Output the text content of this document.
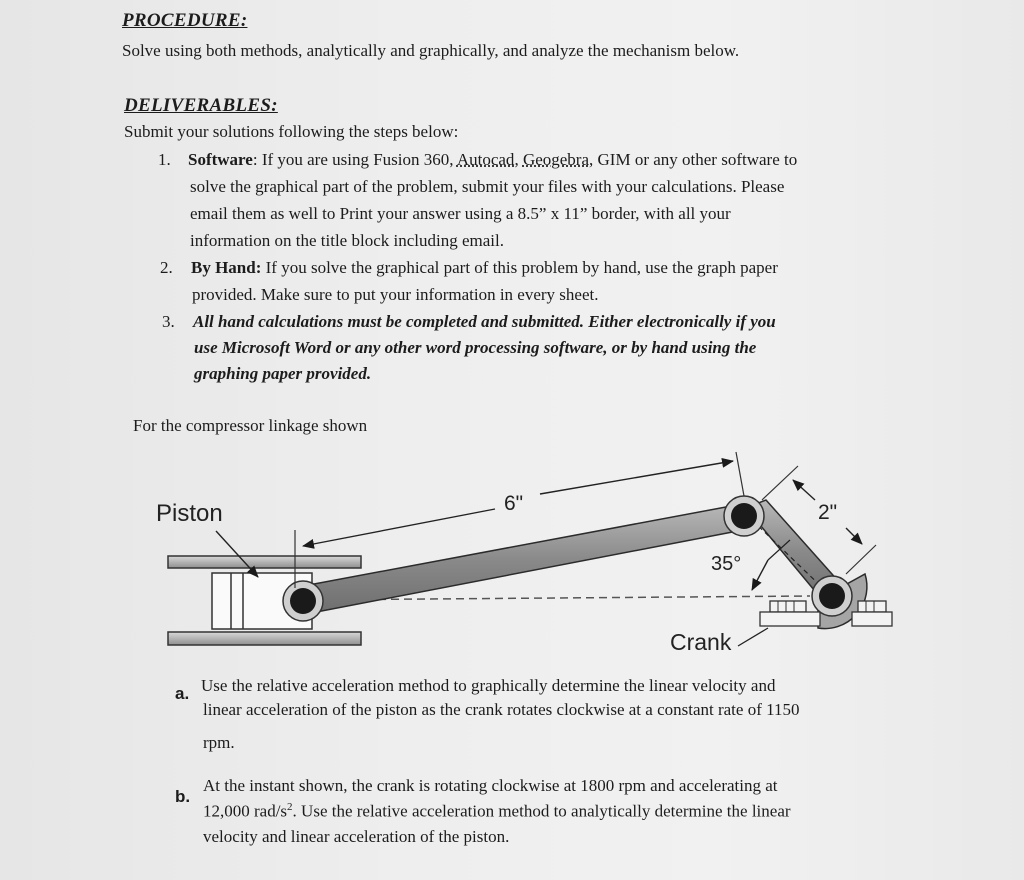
PROCEDURE:
Solve using both methods, analytically and graphically, and analyze the mechanism below.
DELIVERABLES:
Submit your solutions following the steps below:
1. Software: If you are using Fusion 360, Autocad, Geogebra, GIM or any other software to
solve the graphical part of the problem, submit your files with your calculations. Please
email them as well to Print your answer using a 8.5” x 11” border, with all your
information on the title block including email.
2. By Hand: If you solve the graphical part of this problem by hand, use the graph paper
provided. Make sure to put your information in every sheet.
3. All hand calculations must be completed and submitted. Either electronically if you
use Microsoft Word or any other word processing software, or by hand using the
graphing paper provided.
For the compressor linkage shown
Piston	6"	2"
35°
Crank
a. Use the relative acceleration method to graphically determine the linear velocity and
linear acceleration of the piston as the crank rotates clockwise at a constant rate of 1150
rpm.
b.
At the instant shown, the crank is rotating clockwise at 1800 rpm and accelerating at
12,000 rad/$s^2$. Use the relative acceleration method to analytically determine the linear
velocity and linear acceleration of the piston.
